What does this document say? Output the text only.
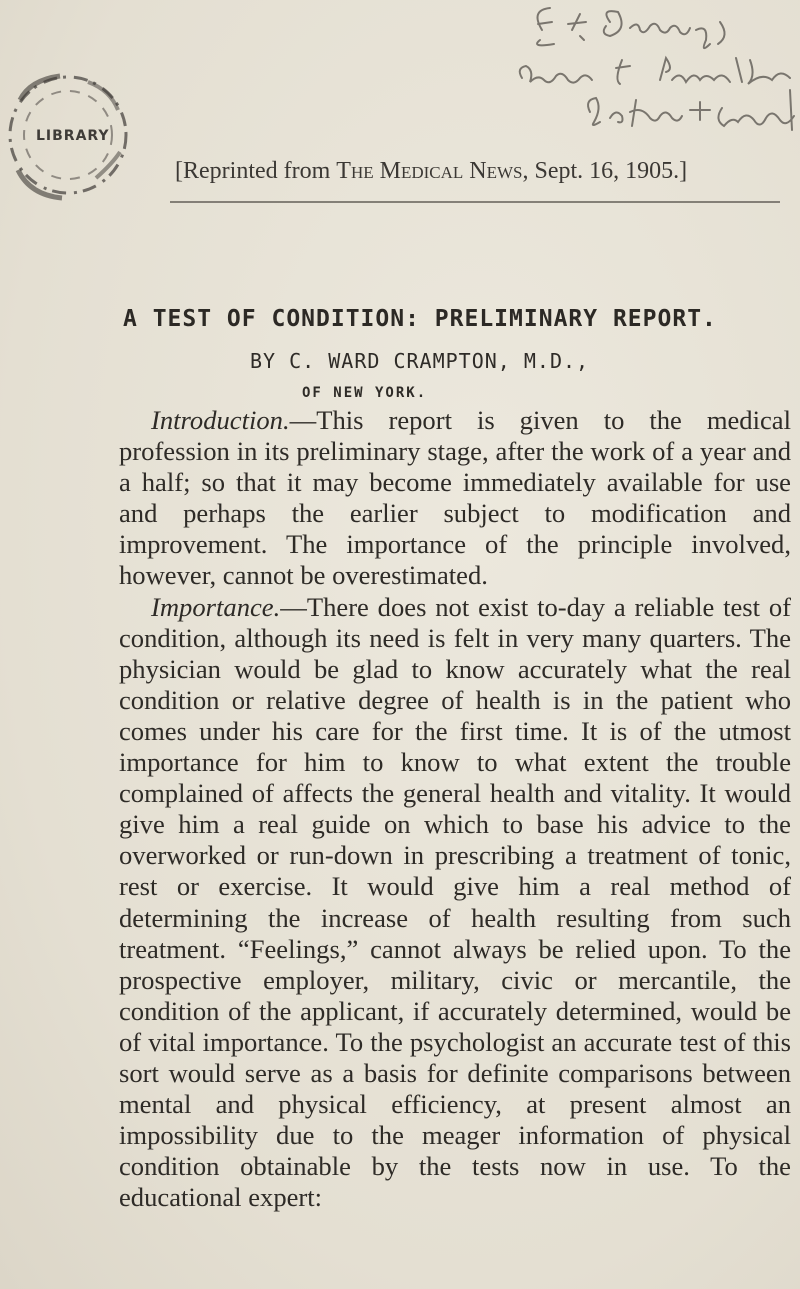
LIBRARY
[Reprinted from The Medical News, Sept. 16, 1905.]
A TEST OF CONDITION: PRELIMINARY REPORT.
BY C. WARD CRAMPTON, M.D.,
OF NEW YORK.

Introduction.—This report is given to the medical profession in its preliminary stage, after the work of a year and a half; so that it may become immediately available for use and perhaps the earlier subject to modification and improvement. The importance of the principle involved, however, cannot be overestimated.

Importance.—There does not exist to-day a reliable test of condition, although its need is felt in very many quarters. The physician would be glad to know accurately what the real condition or relative degree of health is in the patient who comes under his care for the first time. It is of the utmost importance for him to know to what extent the trouble complained of affects the general health and vitality. It would give him a real guide on which to base his advice to the overworked or run-down in prescribing a treatment of tonic, rest or exercise. It would give him a real method of determining the increase of health resulting from such treatment. “Feelings,” cannot always be relied upon. To the prospective employer, military, civic or mercantile, the condition of the applicant, if accurately determined, would be of vital importance. To the psychologist an accurate test of this sort would serve as a basis for definite comparisons between mental and physical efficiency, at present almost an impossibility due to the meager information of physical condition obtainable by the tests now in use. To the educational expert:
